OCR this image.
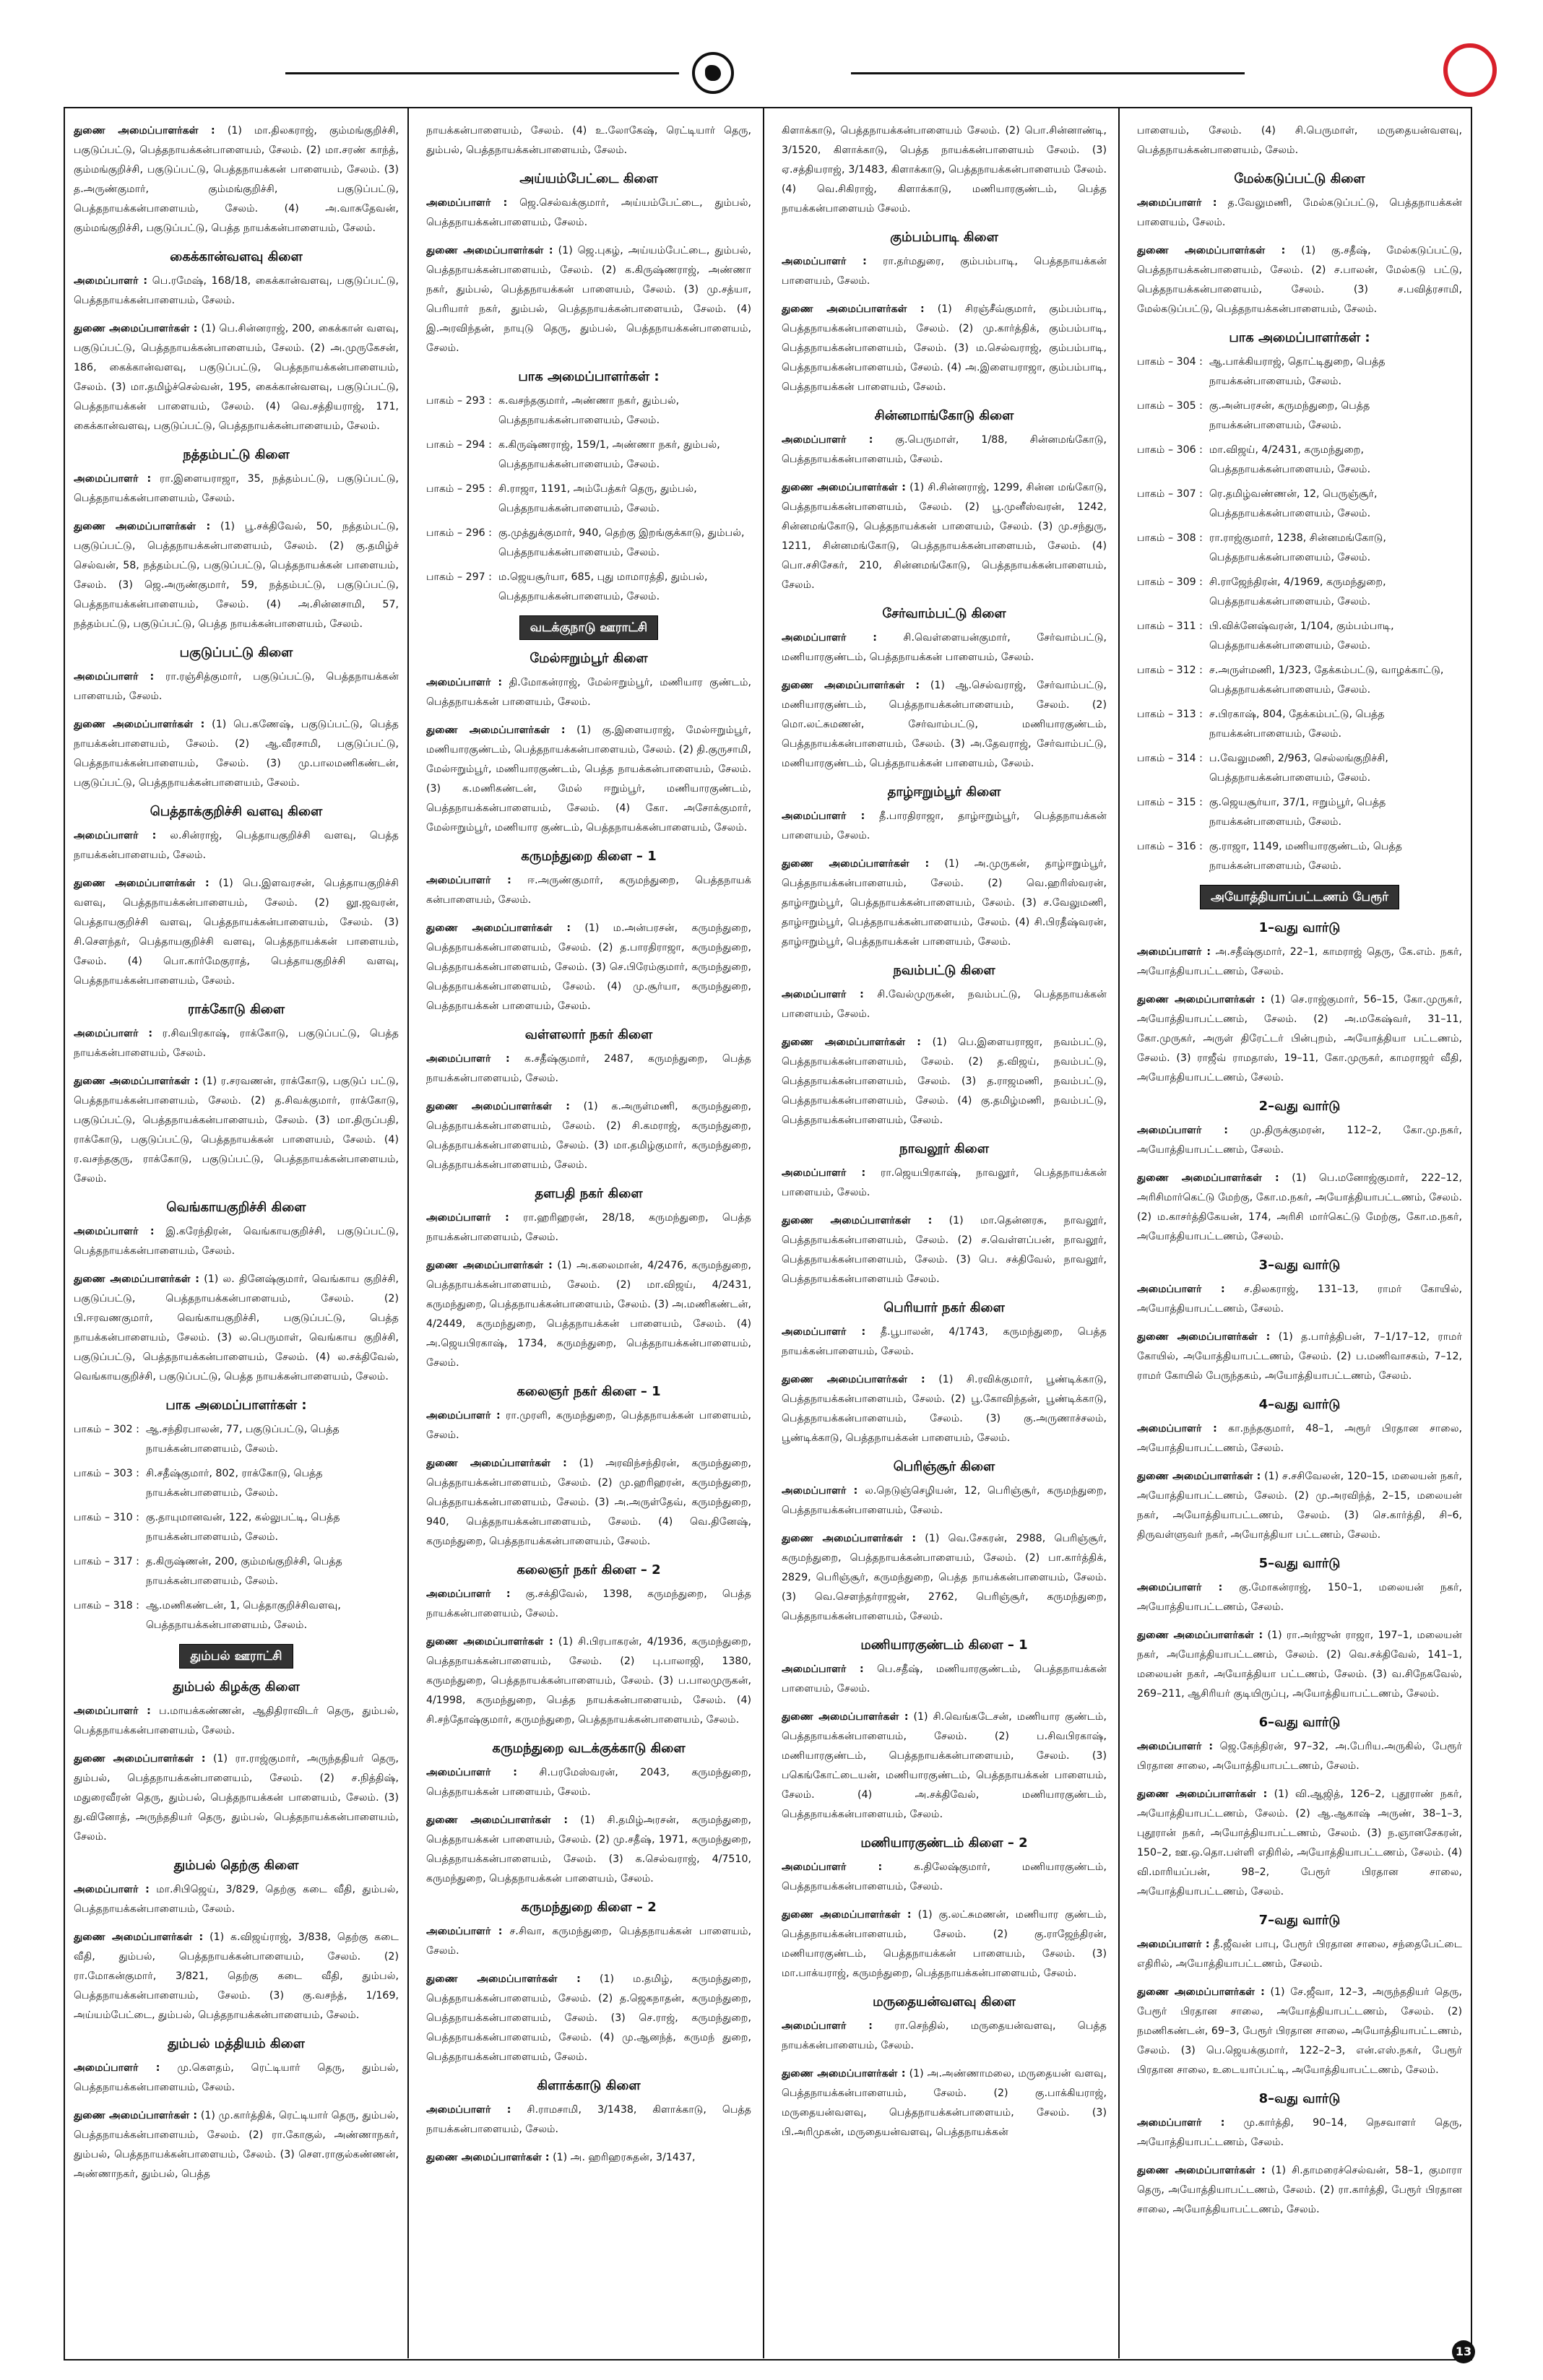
துணை அமைப்பாளர்கள் : (1) மா.திலகராஜ், கும்மங்குறிச்சி, பகுடுப்பட்டு, பெத்தநாயக்கன்பாளையம், சேலம். (2) மா.சரண் காந்த், கும்மங்குறிச்சி, பகுடுப்பட்டு, பெத்தநாயக்கன் பாளையம், சேலம். (3) த.அருண்குமார், கும்மங்குறிச்சி, பகுடுப்பட்டு, பெத்தநாயக்கன்பாளையம், சேலம். (4) அ.வாசுதேவன், கும்மங்குறிச்சி, பகுடுப்பட்டு, பெத்த நாயக்கன்பாளையம், சேலம்.
கைக்கான்வளவு கிளை
அமைப்பாளர் : பெ.ரமேஷ், 168/18, கைக்கான்வளவு, பகுடுப்பட்டு, பெத்தநாயக்கன்பாளையம், சேலம்.
துணை அமைப்பாளர்கள் : (1) பெ.சின்னராஜ், 200, கைக்கான் வளவு, பகுடுப்பட்டு, பெத்தநாயக்கன்பாளையம், சேலம். (2) அ.முருகேசன், 186, கைக்கான்வளவு, பகுடுப்பட்டு, பெத்தநாயக்கன்பாளையம், சேலம். (3) மா.தமிழ்ச்செல்வன், 195, கைக்கான்வளவு, பகுடுப்பட்டு, பெத்தநாயக்கன் பாளையம், சேலம். (4) வெ.சத்தியராஜ், 171, கைக்கான்வளவு, பகுடுப்பட்டு, பெத்தநாயக்கன்பாளையம், சேலம்.
நத்தம்பட்டு கிளை
அமைப்பாளர் : ரா.இளையராஜா, 35, நத்தம்பட்டு, பகுடுப்பட்டு, பெத்தநாயக்கன்பாளையம், சேலம்.
துணை அமைப்பாளர்கள் : (1) பூ.சக்திவேல், 50, நத்தம்பட்டு, பகுடுப்பட்டு, பெத்தநாயக்கன்பாளையம், சேலம். (2) கு.தமிழ்ச் செல்வன், 58, நத்தம்பட்டு, பகுடுப்பட்டு, பெத்தநாயக்கன் பாளையம், சேலம். (3) ஜெ.அருண்குமார், 59, நத்தம்பட்டு, பகுடுப்பட்டு, பெத்தநாயக்கன்பாளையம், சேலம். (4) அ.சின்னசாமி, 57, நத்தம்பட்டு, பகுடுப்பட்டு, பெத்த நாயக்கன்பாளையம், சேலம்.
பகுடுப்பட்டு கிளை
அமைப்பாளர் : ரா.ரஞ்சித்குமார், பகுடுப்பட்டு, பெத்தநாயக்கன் பாளையம், சேலம்.
துணை அமைப்பாளர்கள் : (1) பெ.கணேஷ், பகுடுப்பட்டு, பெத்த நாயக்கன்பாளையம், சேலம். (2) ஆ.வீரசாமி, பகுடுப்பட்டு, பெத்தநாயக்கன்பாளையம், சேலம். (3) மு.பாலமணிகண்டன், பகுடுப்பட்டு, பெத்தநாயக்கன்பாளையம், சேலம்.
பெத்தாக்குறிச்சி வளவு கிளை
அமைப்பாளர் : ல.சின்ராஜ், பெத்தாயகுறிச்சி வளவு, பெத்த நாயக்கன்பாளையம், சேலம்.
துணை அமைப்பாளர்கள் : (1) பெ.இளவரசன், பெத்தாயகுறிச்சி வளவு, பெத்தநாயக்கன்பாளையம், சேலம். (2) லூ.ஜவரன், பெத்தாயகுறிச்சி வளவு, பெத்தநாயக்கன்பாளையம், சேலம். (3) சி.சௌந்தர், பெத்தாயகுறிச்சி வளவு, பெத்தநாயக்கன் பாளையம், சேலம். (4) பொ.கார்மேகுராத், பெத்தாயகுறிச்சி வளவு, பெத்தநாயக்கன்பாளையம், சேலம்.
ராக்கோடு கிளை
அமைப்பாளர் : ர.சிவபிரகாஷ், ராக்கோடு, பகுடுப்பட்டு, பெத்த நாயக்கன்பாளையம், சேலம்.
துணை அமைப்பாளர்கள் : (1) ர.சரவணன், ராக்கோடு, பகுடுப் பட்டு, பெத்தநாயக்கன்பாளையம், சேலம். (2) த.சிவக்குமார், ராக்கோடு, பகுடுப்பட்டு, பெத்தநாயக்கன்பாளையம், சேலம். (3) மா.திருப்பதி, ராக்கோடு, பகுடுப்பட்டு, பெத்தநாயக்கன் பாளையம், சேலம். (4) ர.வசந்தகுரு, ராக்கோடு, பகுடுப்பட்டு, பெத்தநாயக்கன்பாளையம், சேலம்.
வெங்காயகுறிச்சி கிளை
அமைப்பாளர் : இ.கரேந்திரன், வெங்காயகுறிச்சி, பகுடுப்பட்டு, பெத்தநாயக்கன்பாளையம், சேலம்.
துணை அமைப்பாளர்கள் : (1) ல. தினேஷ்குமார், வெங்காய குறிச்சி, பகுடுப்பட்டு, பெத்தநாயக்கன்பாளையம், சேலம். (2) பி.ஈரவணகுமார், வெங்காயகுறிச்சி, பகுடுப்பட்டு, பெத்த நாயக்கன்பாளையம், சேலம். (3) ல.பெருமாள், வெங்காய குறிச்சி, பகுடுப்பட்டு, பெத்தநாயக்கன்பாளையம், சேலம். (4) ல.சக்திவேல், வெங்காயகுறிச்சி, பகுடுப்பட்டு, பெத்த நாயக்கன்பாளையம், சேலம்.
பாக அமைப்பாளர்கள் :
பாகம் – 302 : ஆ.சந்திரபாலன், 77, பகுடுப்பட்டு, பெத்த நாயக்கன்பாளையம், சேலம்.
பாகம் – 303 : சி.சதீஷ்குமார், 802, ராக்கோடு, பெத்த நாயக்கன்பாளையம், சேலம்.
பாகம் – 310 : கு.தாயுமானவன், 122, கல்லுபட்டி, பெத்த நாயக்கன்பாளையம், சேலம்.
பாகம் – 317 : த.கிருஷ்ணன், 200, கும்மங்குறிச்சி, பெத்த நாயக்கன்பாளையம், சேலம்.
பாகம் – 318 : ஆ.மணிகண்டன், 1, பெத்தாகுறிச்சிவளவு, பெத்தநாயக்கன்பாளையம், சேலம்.
தும்பல் ஊராட்சி
தும்பல் கிழக்கு கிளை
அமைப்பாளர் : ப.மாயக்கண்ணன், ஆதிதிராவிடர் தெரு, தும்பல், பெத்தநாயக்கன்பாளையம், சேலம்.
துணை அமைப்பாளர்கள் : (1) ரா.ராஜ்குமார், அருந்ததியர் தெரு, தும்பல், பெத்தநாயக்கன்பாளையம், சேலம். (2) ச.நித்திஷ், மதுரைவீரன் தெரு, தும்பல், பெத்தநாயக்கன் பாளையம், சேலம். (3) து.வினோத், அருந்ததியர் தெரு, தும்பல், பெத்தநாயக்கன்பாளையம், சேலம்.
தும்பல் தெற்கு கிளை
அமைப்பாளர் : மா.சிபிஜெய், 3/829, தெற்கு கடை வீதி, தும்பல், பெத்தநாயக்கன்பாளையம், சேலம்.
துணை அமைப்பாளர்கள் : (1) க.விஜய்ராஜ், 3/838, தெற்கு கடை வீதி, தும்பல், பெத்தநாயக்கன்பாளையம், சேலம். (2) ரா.மோகன்குமார், 3/821, தெற்கு கடை வீதி, தும்பல், பெத்தநாயக்கன்பாளையம், சேலம். (3) கு.வசந்த், 1/169, அய்யம்பேட்டை, தும்பல், பெத்தநாயக்கன்பாளையம், சேலம்.
தும்பல் மத்தியம் கிளை
அமைப்பாளர் : மு.கௌதம், ரெட்டியார் தெரு, தும்பல், பெத்தநாயக்கன்பாளையம், சேலம்.
துணை அமைப்பாளர்கள் : (1) மு.கார்த்திக், ரெட்டியார் தெரு, தும்பல், பெத்தநாயக்கன்பாளையம், சேலம். (2) ரா.கோகுல், அண்ணாநகர், தும்பல், பெத்தநாயக்கன்பாளையம், சேலம். (3) சௌ.ராகுல்கண்ணன், அண்ணாநகர், தும்பல், பெத்த
நாயக்கன்பாளையம், சேலம். (4) உ.லோகேஷ், ரெட்டியார் தெரு, தும்பல், பெத்தநாயக்கன்பாளையம், சேலம்.
அய்யம்பேட்டை கிளை
அமைப்பாளர் : ஜெ.செல்வக்குமார், அய்யம்பேட்டை, தும்பல், பெத்தநாயக்கன்பாளையம், சேலம்.
துணை அமைப்பாளர்கள் : (1) ஜெ.புகழ், அய்யம்பேட்டை, தும்பல், பெத்தநாயக்கன்பாளையம், சேலம். (2) க.கிருஷ்ணராஜ், அண்ணா நகர், தும்பல், பெத்தநாயக்கன் பாளையம், சேலம். (3) மு.சத்யா, பெரியார் நகர், தும்பல், பெத்தநாயக்கன்பாளையம், சேலம். (4) இ.அரவிந்தன், நாயுடு தெரு, தும்பல், பெத்தநாயக்கன்பாளையம், சேலம்.
பாக அமைப்பாளர்கள் :
பாகம் – 293 : க.வசந்தகுமார், அண்ணா நகர், தும்பல், பெத்தநாயக்கன்பாளையம், சேலம்.
பாகம் – 294 : க.கிருஷ்ணராஜ், 159/1, அண்ணா நகர், தும்பல், பெத்தநாயக்கன்பாளையம், சேலம்.
பாகம் – 295 : சி.ராஜா, 1191, அம்பேத்கர் தெரு, தும்பல், பெத்தநாயக்கன்பாளையம், சேலம்.
பாகம் – 296 : கு.முத்துக்குமார், 940, தெற்கு இறங்குக்காடு, தும்பல், பெத்தநாயக்கன்பாளையம், சேலம்.
பாகம் – 297 : ம.ஜெயசூர்யா, 685, புது மாமாரத்தி, தும்பல், பெத்தநாயக்கன்பாளையம், சேலம்.
வடக்குநாடு ஊராட்சி
மேல்ஈறும்பூர் கிளை
அமைப்பாளர் : தி.மோகன்ராஜ், மேல்ஈறும்பூர், மணியார குண்டம், பெத்தநாயக்கன் பாளையம், சேலம்.
துணை அமைப்பாளர்கள் : (1) கு.இளையராஜ், மேல்ஈறும்பூர், மணியாரகுண்டம், பெத்தநாயக்கன்பாளையம், சேலம். (2) தி.குருசாமி, மேல்ஈறும்பூர், மணியாரகுண்டம், பெத்த நாயக்கன்பாளையம், சேலம். (3) க.மணிகண்டன், மேல் ஈறும்பூர், மணியாரகுண்டம், பெத்தநாயக்கன்பாளையம், சேலம். (4) கோ. அசோக்குமார், மேல்ஈறும்பூர், மணியார குண்டம், பெத்தநாயக்கன்பாளையம், சேலம்.
கருமந்துறை கிளை – 1
அமைப்பாளர் : ஈ.அருண்குமார், கருமந்துறை, பெத்தநாயக் கன்பாளையம், சேலம்.
துணை அமைப்பாளர்கள் : (1) ம.அன்பரசன், கருமந்துறை, பெத்தநாயக்கன்பாளையம், சேலம். (2) த.பாரதிராஜா, கருமந்துறை, பெத்தநாயக்கன்பாளையம், சேலம். (3) செ.பிரேம்குமார், கருமந்துறை, பெத்தநாயக்கன்பாளையம், சேலம். (4) மு.சூர்யா, கருமந்துறை, பெத்தநாயக்கன் பாளையம், சேலம்.
வள்ளலார் நகர் கிளை
அமைப்பாளர் : க.சதீஷ்குமார், 2487, கருமந்துறை, பெத்த நாயக்கன்பாளையம், சேலம்.
துணை அமைப்பாளர்கள் : (1) க.அருள்மணி, கருமந்துறை, பெத்தநாயக்கன்பாளையம், சேலம். (2) சி.கமராஜ், கருமந்துறை, பெத்தநாயக்கன்பாளையம், சேலம். (3) மா.தமிழ்குமார், கருமந்துறை, பெத்தநாயக்கன்பாளையம், சேலம்.
தளபதி நகர் கிளை
அமைப்பாளர் : ரா.ஹரிஹரன், 28/18, கருமந்துறை, பெத்த நாயக்கன்பாளையம், சேலம்.
துணை அமைப்பாளர்கள் : (1) அ.கலைமான், 4/2476, கருமந்துறை, பெத்தநாயக்கன்பாளையம், சேலம். (2) மா.விஜய், 4/2431, கருமந்துறை, பெத்தநாயக்கன்பாளையம், சேலம். (3) அ.மணிகண்டன், 4/2449, கருமந்துறை, பெத்தநாயக்கன் பாளையம், சேலம். (4) அ.ஜெயபிரகாஷ், 1734, கருமந்துறை, பெத்தநாயக்கன்பாளையம், சேலம்.
கலைஞர் நகர் கிளை – 1
அமைப்பாளர் : ரா.முரளி, கருமந்துறை, பெத்தநாயக்கன் பாளையம், சேலம்.
துணை அமைப்பாளர்கள் : (1) அரவிந்சந்திரன், கருமந்துறை, பெத்தநாயக்கன்பாளையம், சேலம். (2) மு.ஹரிஹரன், கருமந்துறை, பெத்தநாயக்கன்பாளையம், சேலம். (3) அ.அருள்தேவ், கருமந்துறை, 940, பெத்தநாயக்கன்பாளையம், சேலம். (4) வெ.தினேஷ், கருமந்துறை, பெத்தநாயக்கன்பாளையம், சேலம்.
கலைஞர் நகர் கிளை – 2
அமைப்பாளர் : கு.சக்திவேல், 1398, கருமந்துறை, பெத்த நாயக்கன்பாளையம், சேலம்.
துணை அமைப்பாளர்கள் : (1) சி.பிரபாகரன், 4/1936, கருமந்துறை, பெத்தநாயக்கன்பாளையம், சேலம். (2) பு.பாலாஜி, 1380, கருமந்துறை, பெத்தநாயக்கன்பாளையம், சேலம். (3) ப.பாலமுருகன், 4/1998, கருமந்துறை, பெத்த நாயக்கன்பாளையம், சேலம். (4) சி.சந்தோஷ்குமார், கருமந்துறை, பெத்தநாயக்கன்பாளையம், சேலம்.
கருமந்துறை வடக்குக்காடு கிளை
அமைப்பாளர் : சி.பரமேஸ்வரன், 2043, கருமந்துறை, பெத்தநாயக்கன் பாளையம், சேலம்.
துணை அமைப்பாளர்கள் : (1) சி.தமிழ்அரசன், கருமந்துறை, பெத்தநாயக்கன் பாளையம், சேலம். (2) மு.சதீஷ், 1971, கருமந்துறை, பெத்தநாயக்கன்பாளையம், சேலம். (3) க.செல்வராஜ், 4/7510, கருமந்துறை, பெத்தநாயக்கன் பாளையம், சேலம்.
கருமந்துறை கிளை – 2
அமைப்பாளர் : ச.சிவா, கருமந்துறை, பெத்தநாயக்கன் பாளையம், சேலம்.
துணை அமைப்பாளர்கள் : (1) ம.தமிழ், கருமந்துறை, பெத்தநாயக்கன்பாளையம், சேலம். (2) த.ஜெகநாதன், கருமந்துறை, பெத்தநாயக்கன்பாளையம், சேலம். (3) செ.ராஜ், கருமந்துறை, பெத்தநாயக்கன்பாளையம், சேலம். (4) மு.ஆனந்த், கருமந் துறை, பெத்தநாயக்கன்பாளையம், சேலம்.
கிளாக்காடு கிளை
அமைப்பாளர் : சி.ராமசாமி, 3/1438, கிளாக்காடு, பெத்த நாயக்கன்பாளையம், சேலம்.
துணை அமைப்பாளர்கள் : (1) அ. ஹரிஹரசுதன், 3/1437,
கிளாக்காடு, பெத்தநாயக்கன்பாளையம் சேலம். (2) பொ.சின்னாண்டி, 3/1520, கிளாக்காடு, பெத்த நாயக்கன்பாளையம் சேலம். (3) ஏ.சத்தியராஜ், 3/1483, கிளாக்காடு, பெத்தநாயக்கன்பாளையம் சேலம். (4) வெ.சிகிராஜ், கிளாக்காடு, மணியாரகுண்டம், பெத்த நாயக்கன்பாளையம் சேலம்.
கும்பம்பாடி கிளை
அமைப்பாளர் : ரா.தர்மதுரை, கும்பம்பாடி, பெத்தநாயக்கன் பாளையம், சேலம்.
துணை அமைப்பாளர்கள் : (1) சிரஞ்சீவ்குமார், கும்பம்பாடி, பெத்தநாயக்கன்பாளையம், சேலம். (2) மு.கார்த்திக், கும்பம்பாடி, பெத்தநாயக்கன்பாளையம், சேலம். (3) ம.செல்வராஜ், கும்பம்பாடி, பெத்தநாயக்கன்பாளையம், சேலம். (4) அ.இளையராஜா, கும்பம்பாடி, பெத்தநாயக்கன் பாளையம், சேலம்.
சின்னமாங்கோடு கிளை
அமைப்பாளர் : கு.பெருமாள், 1/88, சின்னமங்கோடு, பெத்தநாயக்கன்பாளையம், சேலம்.
துணை அமைப்பாளர்கள் : (1) சி.சின்னராஜ், 1299, சின்ன மங்கோடு, பெத்தநாயக்கன்பாளையம், சேலம். (2) பூ.முனீஸ்வரன், 1242, சின்னமங்கோடு, பெத்தநாயக்கன் பாளையம், சேலம். (3) மு.சந்துரு, 1211, சின்னமங்கோடு, பெத்தநாயக்கன்பாளையம், சேலம். (4) பொ.சசிசேகர், 210, சின்னமங்கோடு, பெத்தநாயக்கன்பாளையம், சேலம்.
சேர்வாம்பட்டு கிளை
அமைப்பாளர் :	சி.வெள்ளையன்குமார், சேர்வாம்பட்டு, மணியாரகுண்டம், பெத்தநாயக்கன் பாளையம், சேலம்.
துணை அமைப்பாளர்கள் : (1) ஆ.செல்வராஜ், சேர்வாம்பட்டு, மணியாரகுண்டம், பெத்தநாயக்கன்பாளையம், சேலம். (2) மொ.லட்சுமணன், சேர்வாம்பட்டு, மணியாரகுண்டம், பெத்தநாயக்கன்பாளையம், சேலம். (3) அ.தேவராஜ், சேர்வாம்பட்டு, மணியாரகுண்டம், பெத்தநாயக்கன் பாளையம், சேலம்.
தாழ்ஈறும்பூர் கிளை
அமைப்பாளர் : தீ.பாரதிராஜா, தாழ்ஈறும்பூர், பெத்தநாயக்கன் பாளையம், சேலம்.
துணை அமைப்பாளர்கள் : (1) அ.முருகன், தாழ்ஈறும்பூர், பெத்தநாயக்கன்பாளையம், சேலம். (2) வெ.ஹரிஸ்வரன், தாழ்ஈறும்பூர், பெத்தநாயக்கன்பாளையம், சேலம். (3) ச.வேலுமணி, தாழ்ஈறும்பூர், பெத்தநாயக்கன்பாளையம், சேலம். (4) சி.பிரதீஷ்வரன், தாழ்ஈறும்பூர், பெத்தநாயக்கன் பாளையம், சேலம்.
நவம்பட்டு கிளை
அமைப்பாளர் : சி.வேல்முருகன், நவம்பட்டு, பெத்தநாயக்கன் பாளையம், சேலம்.
துணை அமைப்பாளர்கள் : (1) பெ.இளையராஜா, நவம்பட்டு, பெத்தநாயக்கன்பாளையம், சேலம். (2) த.விஜய், நவம்பட்டு, பெத்தநாயக்கன்பாளையம், சேலம். (3) த.ராஜமணி, நவம்பட்டு, பெத்தநாயக்கன்பாளையம், சேலம். (4) கு.தமிழ்மணி, நவம்பட்டு, பெத்தநாயக்கன்பாளையம், சேலம்.
நாவலூர் கிளை
அமைப்பாளர் : ரா.ஜெயபிரகாஷ், நாவலூர், பெத்தநாயக்கன் பாளையம், சேலம்.
துணை அமைப்பாளர்கள் : (1) மா.தென்னரசு, நாவலூர், பெத்தநாயக்கன்பாளையம், சேலம். (2) ச.வெள்ளப்பன், நாவலூர், பெத்தநாயக்கன்பாளையம், சேலம். (3) பெ. சக்திவேல், நாவலூர், பெத்தநாயக்கன்பாளையம் சேலம்.
பெரியார் நகர் கிளை
அமைப்பாளர் : தீ.பூபாலன், 4/1743, கருமந்துறை, பெத்த நாயக்கன்பாளையம், சேலம்.
துணை அமைப்பாளர்கள் : (1) சி.ரவிக்குமார், பூண்டிக்காடு, பெத்தநாயக்கன்பாளையம், சேலம். (2) பூ.கோவிந்தன், பூண்டிக்காடு, பெத்தநாயக்கன்பாளையம், சேலம். (3) கு.அருணாச்சலம், பூண்டிக்காடு, பெத்தநாயக்கன் பாளையம், சேலம்.
பெரிஞ்சூர் கிளை
அமைப்பாளர் : ல.நெடுஞ்செழியன், 12, பெரிஞ்சூர், கருமந்துறை, பெத்தநாயக்கன்பாளையம், சேலம்.
துணை அமைப்பாளர்கள் : (1) வெ.சேகரன், 2988, பெரிஞ்சூர், கருமந்துறை, பெத்தநாயக்கன்பாளையம், சேலம். (2) பா.கார்த்திக், 2829, பெரிஞ்சூர், கருமந்துறை, பெத்த நாயக்கன்பாளையம், சேலம். (3) வெ.சௌந்தர்ராஜன், 2762, பெரிஞ்சூர், கருமந்துறை, பெத்தநாயக்கன்பாளையம், சேலம்.
மணியாரகுண்டம் கிளை – 1
அமைப்பாளர் : பெ.சதீஷ், மணியாரகுண்டம், பெத்தநாயக்கன் பாளையம், சேலம்.
துணை அமைப்பாளர்கள் : (1) சி.வெங்கடேசன், மணியார குண்டம், பெத்தநாயக்கன்பாளையம், சேலம். (2) ப.சிவபிரகாஷ், மணியாரகுண்டம், பெத்தநாயக்கன்பாளையம், சேலம். (3) பகெங்கோட்டையன், மணியாரகுண்டம், பெத்தநாயக்கன் பாளையம், சேலம். (4) அ.சக்திவேல், மணியாரகுண்டம், பெத்தநாயக்கன்பாளையம், சேலம்.
மணியாரகுண்டம் கிளை – 2
அமைப்பாளர் :	க.திலேஷ்குமார், மணியாரகுண்டம், பெத்தநாயக்கன்பாளையம், சேலம்.
துணை அமைப்பாளர்கள் : (1) கு.லட்சுமணன், மணியார குண்டம், பெத்தநாயக்கன்பாளையம், சேலம். (2) கு.ராஜேந்திரன், மணியாரகுண்டம், பெத்தநாயக்கன் பாளையம், சேலம். (3) மா.பாக்யராஜ், கருமந்துறை, பெத்தநாயக்கன்பாளையம், சேலம்.
மருதையன்வளவு கிளை
அமைப்பாளர் : ரா.செந்தில், மருதையன்வளவு, பெத்த நாயக்கன்பாளையம், சேலம்.
துணை அமைப்பாளர்கள் : (1) அ.அண்ணாமலை, மருதையன் வளவு, பெத்தநாயக்கன்பாளையம், சேலம். (2) கு.பாக்கியராஜ், மருதையன்வளவு, பெத்தநாயக்கன்பாளையம், சேலம். (3) பி.அரிமுகன், மருதையன்வளவு, பெத்தநாயக்கன்
பாளையம், சேலம். (4) சி.பெருமாள், மருதையன்வளவு, பெத்தநாயக்கன்பாளையம், சேலம்.
மேல்கடுப்பட்டு கிளை
அமைப்பாளர் : த.வேலுமணி, மேல்கடுப்பட்டு, பெத்தநாயக்கன் பாளையம், சேலம்.
துணை அமைப்பாளர்கள் : (1) கு.சதீஷ், மேல்கடுப்பட்டு, பெத்தநாயக்கன்பாளையம், சேலம். (2) ச.பாலன், மேல்கடு பட்டு, பெத்தநாயக்கன்பாளையம், சேலம். (3) ச.பவித்ரசாமி, மேல்கடுப்பட்டு, பெத்தநாயக்கன்பாளையம், சேலம்.
பாக அமைப்பாளர்கள் :
பாகம் – 304 : ஆ.பாக்கியராஜ், தொட்டிதுறை, பெத்த நாயக்கன்பாளையம், சேலம்.
பாகம் – 305 : கு.அன்பரசன், கருமந்துறை, பெத்த நாயக்கன்பாளையம், சேலம்.
பாகம் – 306 : மா.விஜய், 4/2431, கருமந்துறை, பெத்தநாயக்கன்பாளையம், சேலம்.
பாகம் – 307 : ரெ.தமிழ்வண்ணன், 12, பெருஞ்சூர், பெத்தநாயக்கன்பாளையம், சேலம்.
பாகம் – 308 : ரா.ராஜ்குமார், 1238, சின்னமங்கோடு, பெத்தநாயக்கன்பாளையம், சேலம்.
பாகம் – 309 : சி.ராஜேந்திரன், 4/1969, கருமந்துறை, பெத்தநாயக்கன்பாளையம், சேலம்.
பாகம் – 311 : பி.விக்னேஷ்வரன், 1/104, கும்பம்பாடி, பெத்தநாயக்கன்பாளையம், சேலம்.
பாகம் – 312 : ச.அருள்மணி, 1/323, தேக்கம்பட்டு, வாழக்காட்டு, பெத்தநாயக்கன்பாளையம், சேலம்.
பாகம் – 313 : ச.பிரகாஷ், 804, தேக்கம்பட்டு, பெத்த நாயக்கன்பாளையம், சேலம்.
பாகம் – 314 : ப.வேலுமணி, 2/963, செல்லங்குறிச்சி, பெத்தநாயக்கன்பாளையம், சேலம்.
பாகம் – 315 : கு.ஜெயசூர்யா, 37/1, ஈறும்பூர், பெத்த நாயக்கன்பாளையம், சேலம்.
பாகம் – 316 : கு.ராஜா, 1149, மணியாரகுண்டம், பெத்த நாயக்கன்பாளையம், சேலம்.
அயோத்தியாப்பட்டணம் பேரூர்
1–வது வார்டு
அமைப்பாளர் : அ.சதீஷ்குமார், 22–1, காமராஜ் தெரு, கே.எம். நகர், அயோத்தியாபட்டணம், சேலம்.
துணை அமைப்பாளர்கள் : (1) செ.ராஜ்குமார், 56–15, கோ.முருகர், அயோத்தியாபட்டணம், சேலம். (2) அ.மகேஷ்வர், 31–11, கோ.முருகர், அருள் திரேட்டர் பின்புறம், அயோத்தியா பட்டணம், சேலம். (3) ராஜீவ் ராமதாஸ், 19–11, கோ.முருகர், காமராஜர் வீதி, அயோத்தியாபட்டணம், சேலம்.
2–வது வார்டு
அமைப்பாளர் : மு.திருக்குமரன், 112–2, கோ.மு.நகர், அயோத்தியாபட்டணம், சேலம்.
துணை அமைப்பாளர்கள் : (1) பெ.மனோஜ்குமார், 222–12, அரிசிமார்கெட்டு மேற்கு, கோ.ம.நகர், அயோத்தியாபட்டணம், சேலம். (2) ம.காசர்த்திகேயன், 174, அரிசி மார்கெட்டு மேற்கு, கோ.ம.நகர், அயோத்தியாபட்டணம், சேலம்.
3–வது வார்டு
அமைப்பாளர் : ச.திலகராஜ், 131–13, ராமர் கோயில், அயோத்தியாபட்டணம், சேலம்.
துணை அமைப்பாளர்கள் : (1) த.பார்த்திபன், 7–1/17–12, ராமர் கோயில், அயோத்தியாபட்டணம், சேலம். (2) ப.மணிவாசகம், 7–12, ராமர் கோயில் பேருந்தகம், அயோத்தியாபட்டணம், சேலம்.
4–வது வார்டு
அமைப்பாளர் : கா.நந்தகுமார், 48–1, அரூர் பிரதான சாலை, அயோத்தியாபட்டணம், சேலம்.
துணை அமைப்பாளர்கள் : (1) ச.சசிவேலன், 120–15, மலையன் நகர், அயோத்தியாபட்டணம், சேலம். (2) மு.அரவிந்த், 2–15, மலையன் நகர், அயோத்தியாபட்டணம், சேலம். (3) செ.கார்த்தி, சி–6, திருவள்ளுவர் நகர், அயோத்தியா பட்டணம், சேலம்.
5–வது வார்டு
அமைப்பாளர் : கு.மோகன்ராஜ், 150–1, மலையன் நகர், அயோத்தியாபட்டணம், சேலம்.
துணை அமைப்பாளர்கள் : (1) ரா.அர்ஜுன் ராஜா, 197–1, மலையன் நகர், அயோத்தியாபட்டணம், சேலம். (2) வெ.சக்திவேல், 141–1, மலையன் நகர், அயோத்தியா பட்டணம், சேலம். (3) வ.சிநேகவேல், 269–211, ஆசிரியர் குடியிருப்பு, அயோத்தியாபட்டணம், சேலம்.
6–வது வார்டு
அமைப்பாளர் : ஜெ.கேந்திரன், 97–32, அ.பேரிய.அருகில், பேரூர் பிரதான சாலை, அயோத்தியாபட்டணம், சேலம்.
துணை அமைப்பாளர்கள் : (1) வி.ஆஜித், 126–2, புதூராண் நகர், அயோத்தியாபட்டணம், சேலம். (2) ஆ.ஆகாஷ் அருண், 38–1–3, புதூரான் நகர், அயோத்தியாபட்டணம், சேலம். (3) ந.ஞானசேகரன், 150–2, ஊ.ஒ.தொ.பள்ளி எதிரில், அயோத்தியாபட்டணம், சேலம். (4) வி.மாரியப்பன், 98–2, பேரூர் பிரதான சாலை, அயோத்தியாபட்டணம், சேலம்.
7–வது வார்டு
அமைப்பாளர் : தீ.ஜீவன் பாபு, பேரூர் பிரதான சாலை, சந்தைபேட்டை எதிரில், அயோத்தியாபட்டணம், சேலம்.
துணை அமைப்பாளர்கள் : (1) சே.ஜீவா, 12–3, அருந்ததியர் தெரு, பேரூர் பிரதான சாலை, அயோத்தியாபட்டணம், சேலம். (2) நமணிகண்டன், 69–3, பேரூர் பிரதான சாலை, அயோத்தியாபட்டணம், சேலம். (3) பெ.ஜெயக்குமார், 122–2–3, என்.எஸ்.நகர், பேரூர் பிரதான சாலை, உடையாப்பட்டி, அயோத்தியாபட்டணம், சேலம்.
8–வது வார்டு
அமைப்பாளர் : மு.கார்த்தி, 90–14, நெசவாளர் தெரு, அயோத்தியாபட்டணம், சேலம்.
துணை அமைப்பாளர்கள் : (1) சி.தாமரைச்செல்வன், 58–1, குமாரா தெரு, அயோத்தியாபட்டணம், சேலம். (2) ரா.கார்த்தி, பேரூர் பிரதான சாலை, அயோத்தியாபட்டணம், சேலம்.
13
